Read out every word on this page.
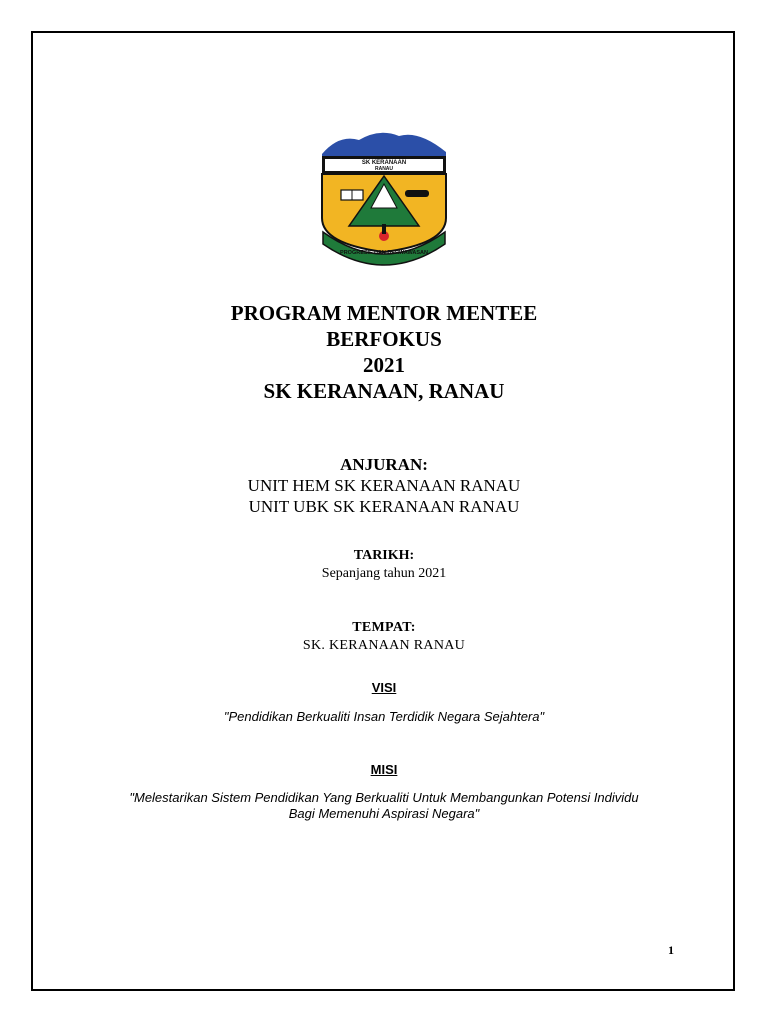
SK KERANAAN
RANAU
PROGRESIF DAN BERWAWASAN
PROGRAM MENTOR MENTEE
BERFOKUS
2021
SK KERANAAN, RANAU
ANJURAN:
UNIT HEM SK KERANAAN RANAU
UNIT UBK SK KERANAAN RANAU
TARIKH:
Sepanjang tahun 2021
TEMPAT:
SK. KERANAAN RANAU
VISI
"Pendidikan Berkualiti Insan Terdidik Negara Sejahtera"
MISI
"Melestarikan Sistem Pendidikan Yang Berkualiti Untuk Membangunkan Potensi Individu
Bagi Memenuhi Aspirasi Negara"
1
